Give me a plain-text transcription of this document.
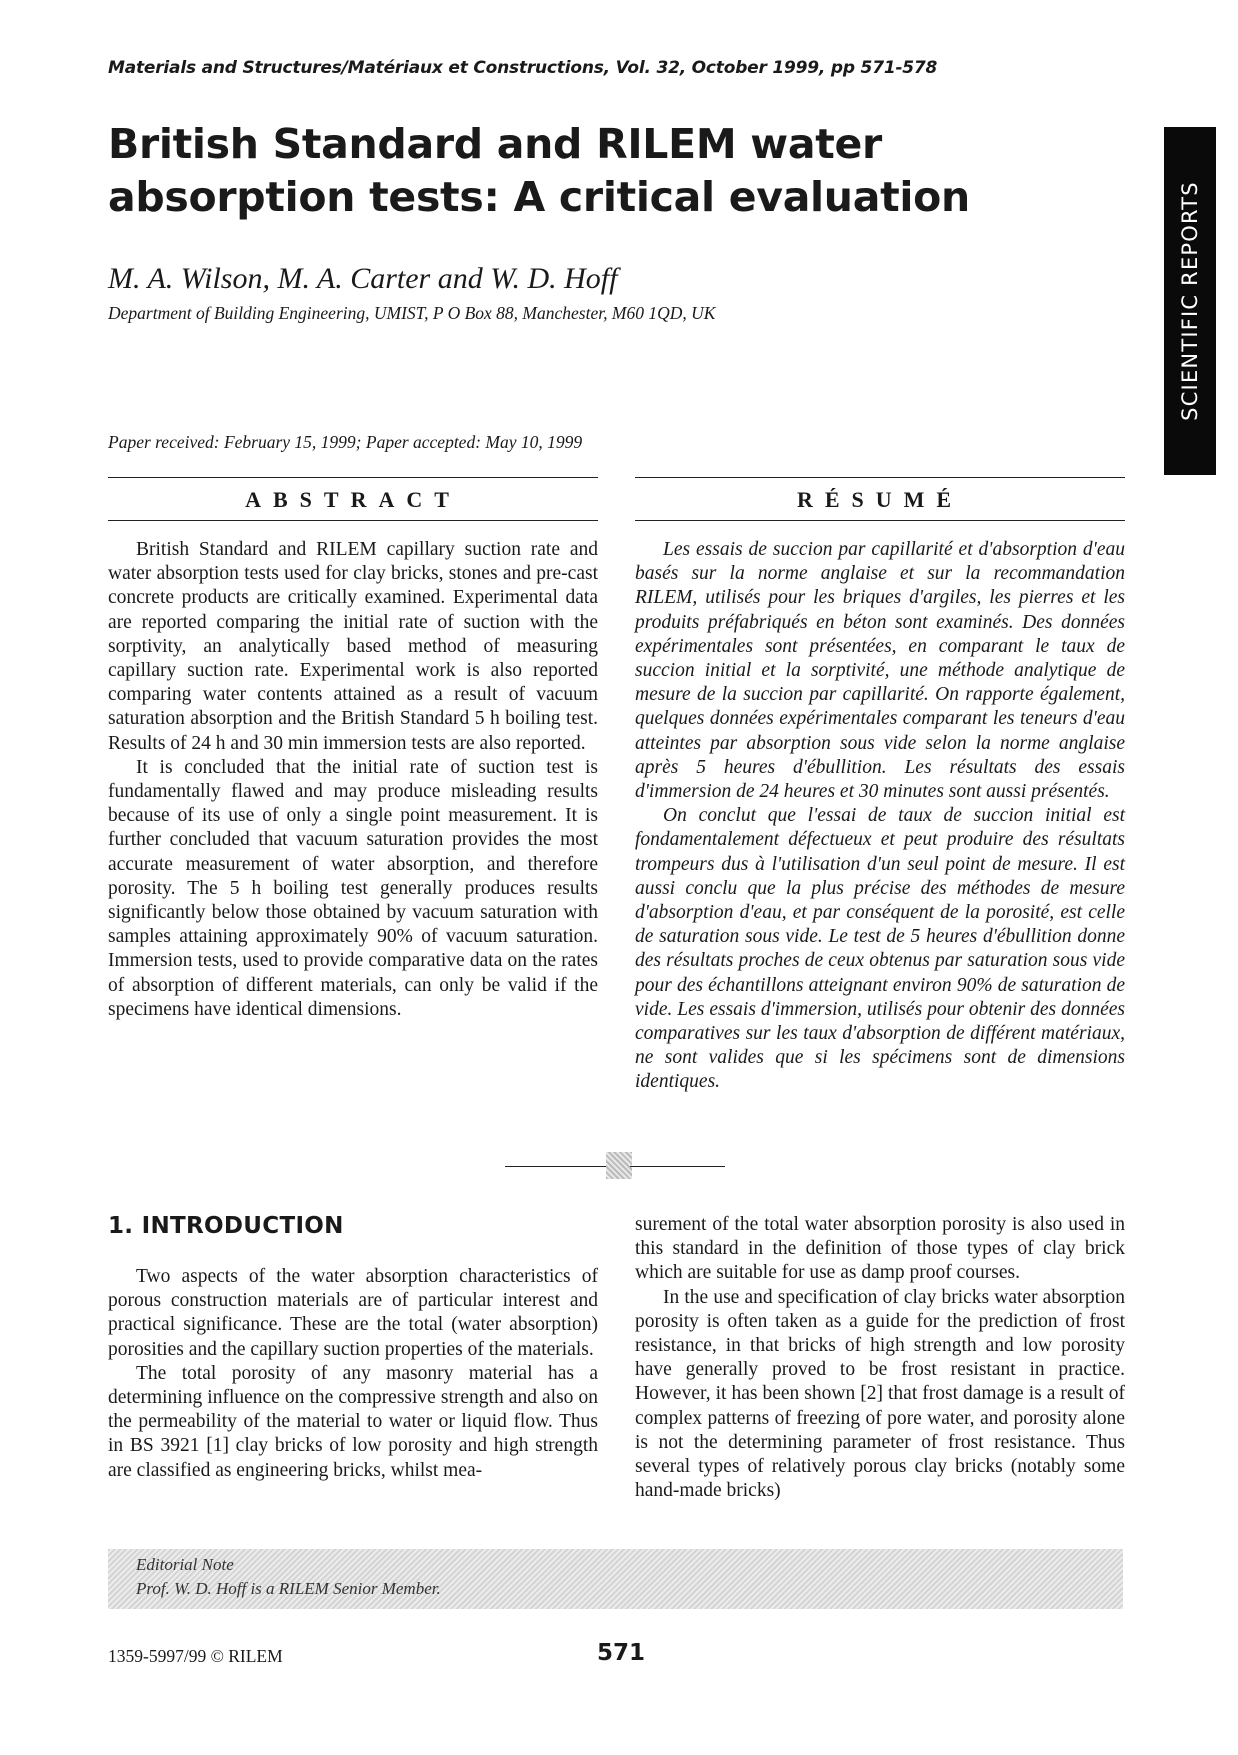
Materials and Structures/Matériaux et Constructions, Vol. 32, October 1999, pp 571-578
British Standard and RILEM water absorption tests: A critical evaluation
M. A. Wilson, M. A. Carter and W. D. Hoff
Department of Building Engineering, UMIST, P O Box 88, Manchester, M60 1QD, UK
Paper received: February 15, 1999; Paper accepted: May 10, 1999
SCIENTIFIC REPORTS
ABSTRACT	RÉSUMÉ

British Standard and RILEM capillary suction rate and water absorption tests used for clay bricks, stones and pre-cast concrete products are critically examined. Experimental data are reported comparing the initial rate of suction with the sorptivity, an analytically based method of measuring capillary suction rate. Experimental work is also reported comparing water contents attained as a result of vacuum saturation absorption and the British Standard 5 h boiling test. Results of 24 h and 30 min immersion tests are also reported.

It is concluded that the initial rate of suction test is fundamentally flawed and may produce misleading results because of its use of only a single point measurement. It is further concluded that vacuum saturation provides the most accurate measurement of water absorption, and therefore porosity. The 5 h boiling test generally produces results significantly below those obtained by vacuum saturation with samples attaining approximately 90% of vacuum saturation. Immersion tests, used to provide comparative data on the rates of absorption of different materials, can only be valid if the specimens have identical dimensions.

Les essais de succion par capillarité et d'absorption d'eau basés sur la norme anglaise et sur la recommandation RILEM, utilisés pour les briques d'argiles, les pierres et les produits préfabriqués en béton sont examinés. Des données expérimentales sont présentées, en comparant le taux de succion initial et la sorptivité, une méthode analytique de mesure de la succion par capillarité. On rapporte également, quelques données expérimentales comparant les teneurs d'eau atteintes par absorption sous vide selon la norme anglaise après 5 heures d'ébullition. Les résultats des essais d'immersion de 24 heures et 30 minutes sont aussi présentés.

On conclut que l'essai de taux de succion initial est fondamentalement défectueux et peut produire des résultats trompeurs dus à l'utilisation d'un seul point de mesure. Il est aussi conclu que la plus précise des méthodes de mesure d'absorption d'eau, et par conséquent de la porosité, est celle de saturation sous vide. Le test de 5 heures d'ébullition donne des résultats proches de ceux obtenus par saturation sous vide pour des échantillons atteignant environ 90% de saturation de vide. Les essais d'immersion, utilisés pour obtenir des données comparatives sur les taux d'absorption de différent matériaux, ne sont valides que si les spécimens sont de dimensions identiques.

1. INTRODUCTION

Two aspects of the water absorption characteristics of porous construction materials are of particular interest and practical significance. These are the total (water absorption) porosities and the capillary suction properties of the materials.

The total porosity of any masonry material has a determining influence on the compressive strength and also on the permeability of the material to water or liquid flow. Thus in BS 3921 [1] clay bricks of low porosity and high strength are classified as engineering bricks, whilst mea-

surement of the total water absorption porosity is also used in this standard in the definition of those types of clay brick which are suitable for use as damp proof courses.

In the use and specification of clay bricks water absorption porosity is often taken as a guide for the prediction of frost resistance, in that bricks of high strength and low porosity have generally proved to be frost resistant in practice. However, it has been shown [2] that frost damage is a result of complex patterns of freezing of pore water, and porosity alone is not the determining parameter of frost resistance. Thus several types of relatively porous clay bricks (notably some hand-made bricks)

Editorial Note
Prof. W. D. Hoff is a RILEM Senior Member.
1359-5997/99 © RILEM	571
